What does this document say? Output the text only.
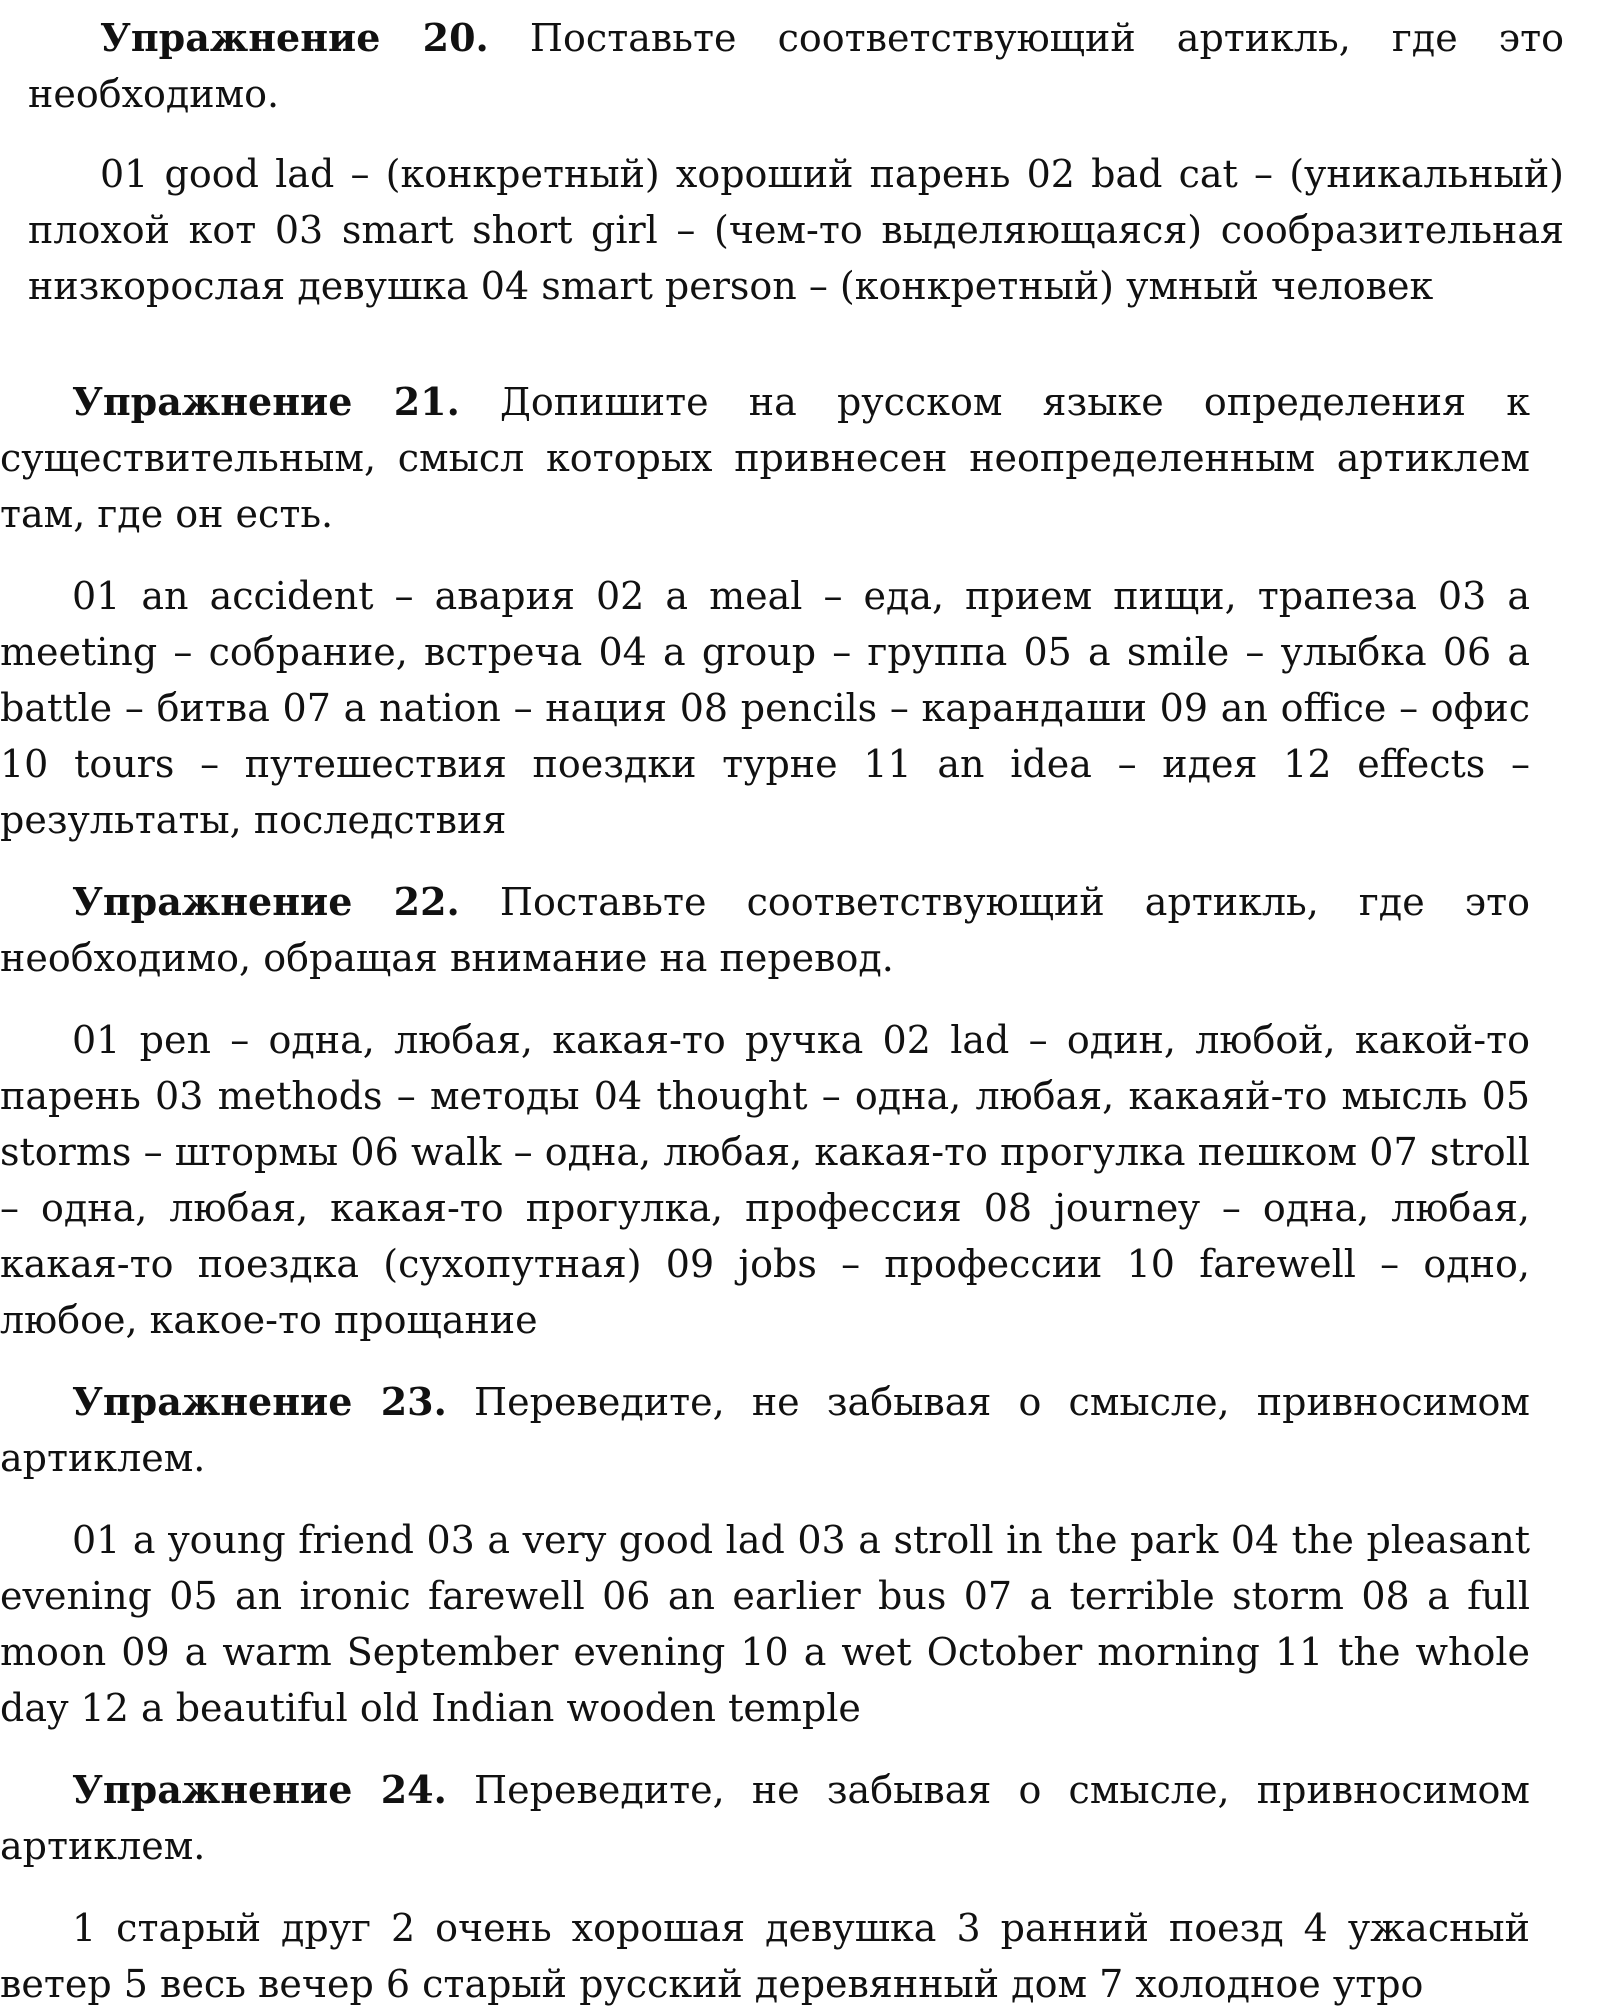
Упражнение 20. Поставьте соответствующий артикль, где это необходимо.

01 good lad – (конкретный) хороший парень 02 bad cat – (уникальный) плохой кот 03 smart short girl – (чем-то выделяющаяся) сообразительная низкорослая девушка 04 smart person – (конкретный) умный человек

Упражнение 21. Допишите на русском языке определения к существительным, смысл которых привнесен неопределенным артиклем там, где он есть.

01 an accident – авария 02 a meal – еда, прием пищи, трапеза 03 a meeting – собрание, встреча 04 a group – группа 05 a smile – улыбка 06 a battle – битва 07 a nation – нация 08 pencils – карандаши 09 an office – офис 10 tours – путешествия поездки турне 11 an idea – идея 12 effects – результаты, последствия

Упражнение 22. Поставьте соответствующий артикль, где это необходимо, обращая внимание на перевод.

01 pen – одна, любая, какая-то ручка 02 lad – один, любой, какой-то парень 03 methods – методы 04 thought – одна, любая, какаяй-то мысль 05 storms – штормы 06 walk – одна, любая, какая-то прогулка пешком 07 stroll – одна, любая, какая-то прогулка, профессия 08 journey – одна, любая, какая-то поездка (сухопутная) 09 jobs – профессии 10 farewell – одно, любое, какое-то прощание

Упражнение 23. Переведите, не забывая о смысле, привносимом артиклем.

01 a young friend 03 a very good lad 03 a stroll in the park 04 the pleasant evening 05 an ironic farewell 06 an earlier bus 07 a terrible storm 08 a full moon 09 a warm September evening 10 a wet October morning 11 the whole day 12 a beautiful old Indian wooden temple

Упражнение 24. Переведите, не забывая о смысле, привносимом артиклем.

1 старый друг 2 очень хорошая девушка 3 ранний поезд 4 ужасный ветер 5 весь вечер 6 старый русский деревянный дом 7 холодное утро
